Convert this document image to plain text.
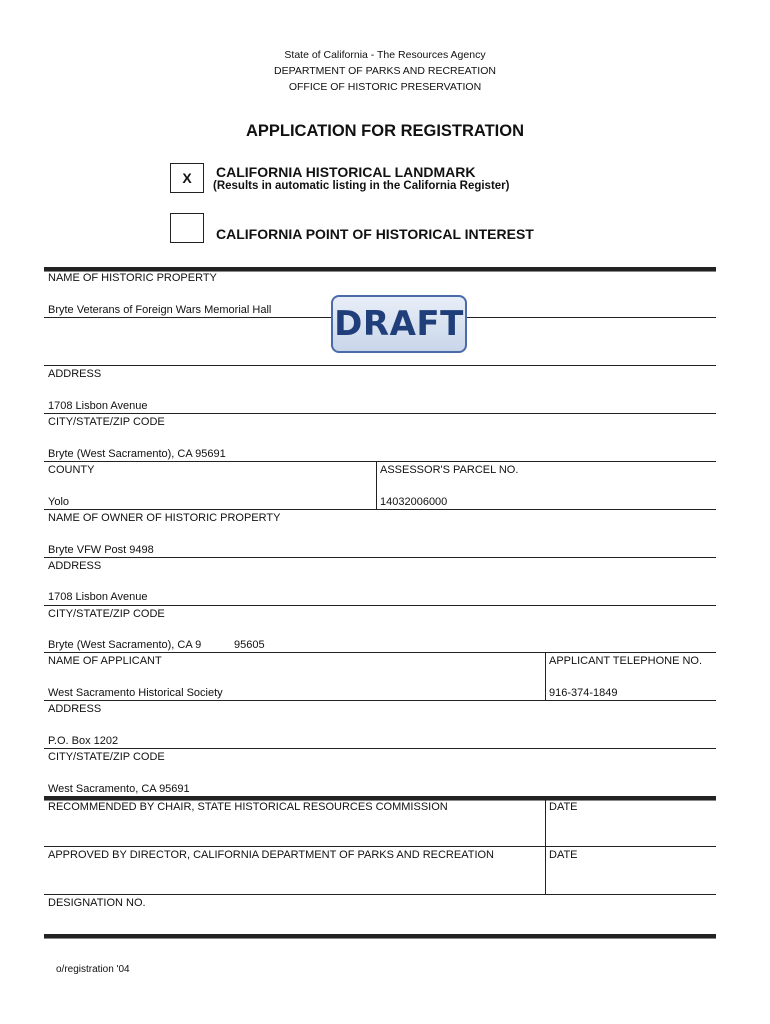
State of California - The Resources Agency
DEPARTMENT OF PARKS AND RECREATION
OFFICE OF HISTORIC PRESERVATION
APPLICATION FOR REGISTRATION
X	CALIFORNIA HISTORICAL LANDMARK
(Results in automatic listing in the California Register)
CALIFORNIA POINT OF HISTORICAL INTEREST
NAME OF HISTORIC PROPERTY
Bryte Veterans of Foreign Wars Memorial Hall DRAFT
ADDRESS
1708 Lisbon Avenue
CITY/STATE/ZIP CODE
Bryte (West Sacramento), CA 95691
COUNTY	ASSESSOR'S PARCEL NO.
Yolo	14032006000
NAME OF OWNER OF HISTORIC PROPERTY
Bryte VFW Post 9498
ADDRESS
1708 Lisbon Avenue
CITY/STATE/ZIP CODE
Bryte (West Sacramento), CA 9	95605
NAME OF APPLICANT	APPLICANT TELEPHONE NO.
West Sacramento Historical Society	916-374-1849
ADDRESS
P.O. Box 1202
CITY/STATE/ZIP CODE
West Sacramento, CA 95691
RECOMMENDED BY CHAIR, STATE HISTORICAL RESOURCES COMMISSION	DATE
APPROVED BY DIRECTOR, CALIFORNIA DEPARTMENT OF PARKS AND RECREATION	DATE
DESIGNATION NO.
o/registration '04
